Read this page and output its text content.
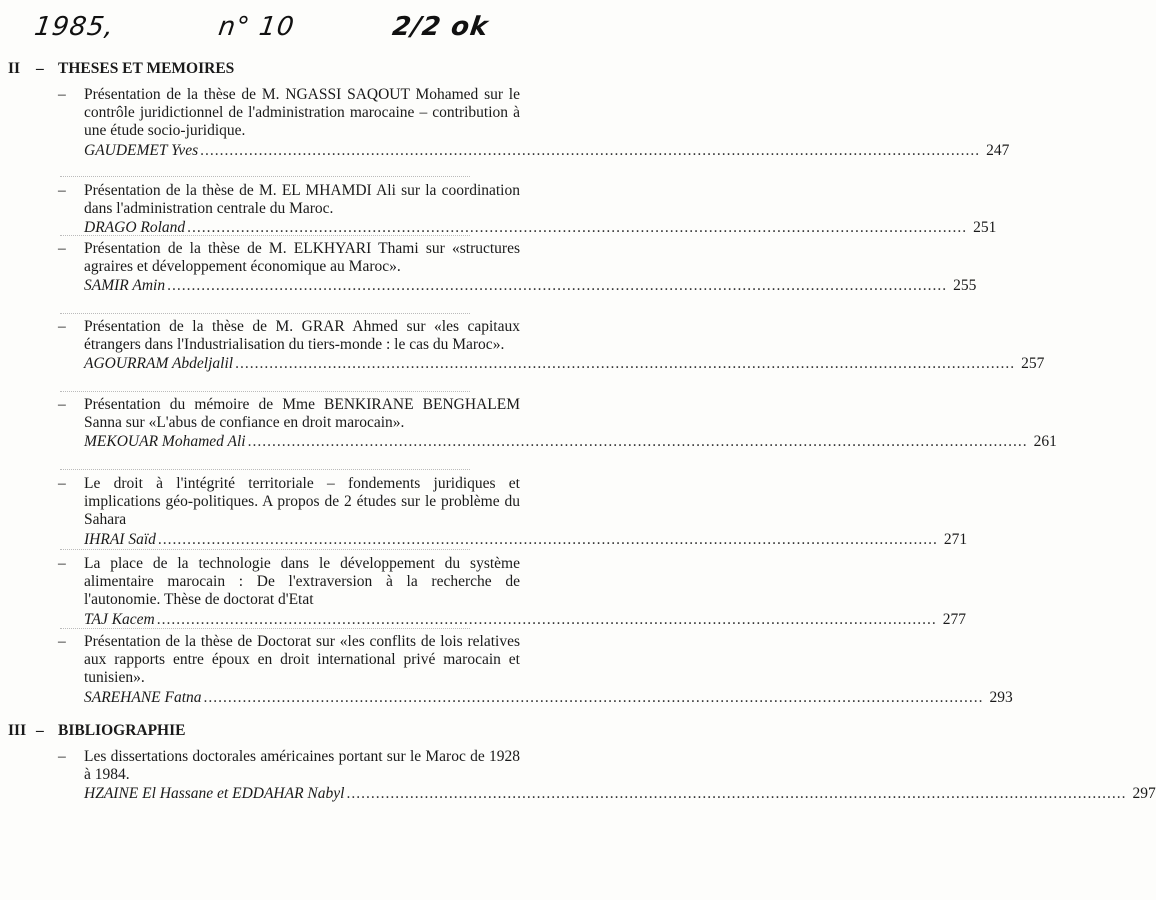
1985,	n° 10	2/2 ok
II – THESES ET MEMOIRES
– Présentation de la thèse de M. NGASSI SAQOUT Mohamed sur le contrôle juridictionnel de l'administration marocaine – contribution à une étude socio-juridique.
GAUDEMET Yves ................................................................................................................................................................ 247
– Présentation de la thèse de M. EL MHAMDI Ali sur la coordination dans l'administration centrale du Maroc.
DRAGO Roland ................................................................................................................................................................ 251
– Présentation de la thèse de M. ELKHYARI Thami sur «structures agraires et développement économique au Maroc».
SAMIR Amin ................................................................................................................................................................ 255
– Présentation de la thèse de M. GRAR Ahmed sur «les capitaux étrangers dans l'Industrialisation du tiers-monde : le cas du Maroc».
AGOURRAM Abdeljalil ................................................................................................................................................................ 257
– Présentation du mémoire de Mme BENKIRANE BENGHALEM Sanna sur «L'abus de confiance en droit marocain».
MEKOUAR Mohamed Ali ................................................................................................................................................................ 261
– Le droit à l'intégrité territoriale – fondements juridiques et implications géo-politiques. A propos de 2 études sur le problème du Sahara
IHRAI Saïd ................................................................................................................................................................ 271
– La place de la technologie dans le développement du système alimentaire marocain : De l'extraversion à la recherche de l'autonomie. Thèse de doctorat d'Etat
TAJ Kacem ................................................................................................................................................................ 277
– Présentation de la thèse de Doctorat sur «les conflits de lois relatives aux rapports entre époux en droit international privé marocain et tunisien».
SAREHANE Fatna ................................................................................................................................................................ 293
III – BIBLIOGRAPHIE
– Les dissertations doctorales américaines portant sur le Maroc de 1928 à 1984.
HZAINE El Hassane et EDDAHAR Nabyl ................................................................................................................................................................ 297
